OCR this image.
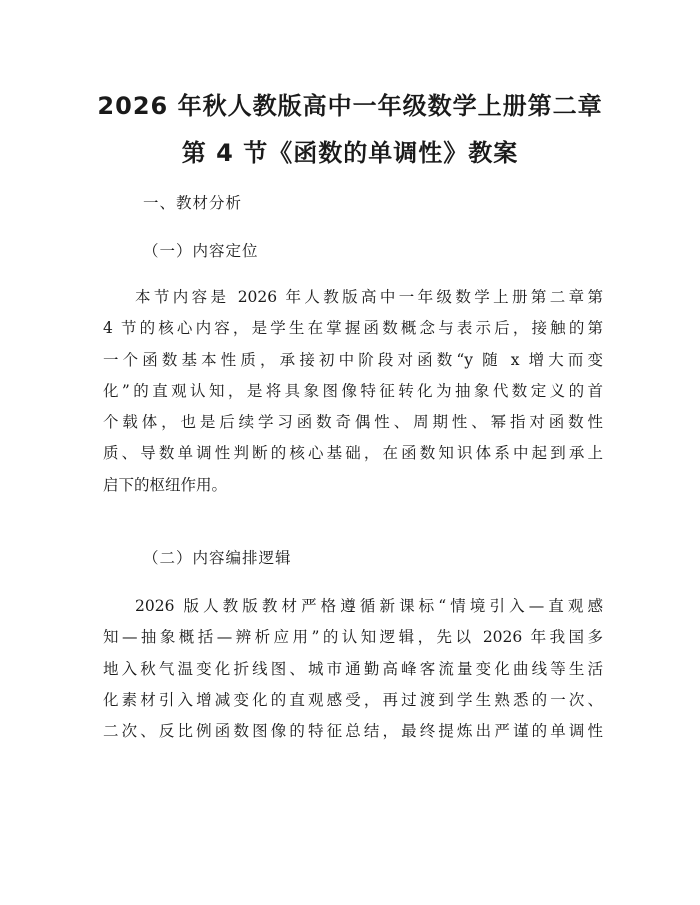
2026 年秋人教版高中一年级数学上册第二章
第 4 节《函数的单调性》教案
一、教材分析
（一）内容定位
本节内容是 2026 年人教版高中一年级数学上册第二章第
4 节的核心内容，是学生在掌握函数概念与表示后，接触的第
一个函数基本性质，承接初中阶段对函数“y 随 x 增大而变
化”的直观认知，是将具象图像特征转化为抽象代数定义的首
个载体，也是后续学习函数奇偶性、周期性、幂指对函数性
质、导数单调性判断的核心基础，在函数知识体系中起到承上
启下的枢纽作用。
（二）内容编排逻辑
2026 版人教版教材严格遵循新课标“情境引入—直观感
知—抽象概括—辨析应用”的认知逻辑，先以 2026 年我国多
地入秋气温变化折线图、城市通勤高峰客流量变化曲线等生活
化素材引入增减变化的直观感受，再过渡到学生熟悉的一次、
二次、反比例函数图像的特征总结，最终提炼出严谨的单调性
